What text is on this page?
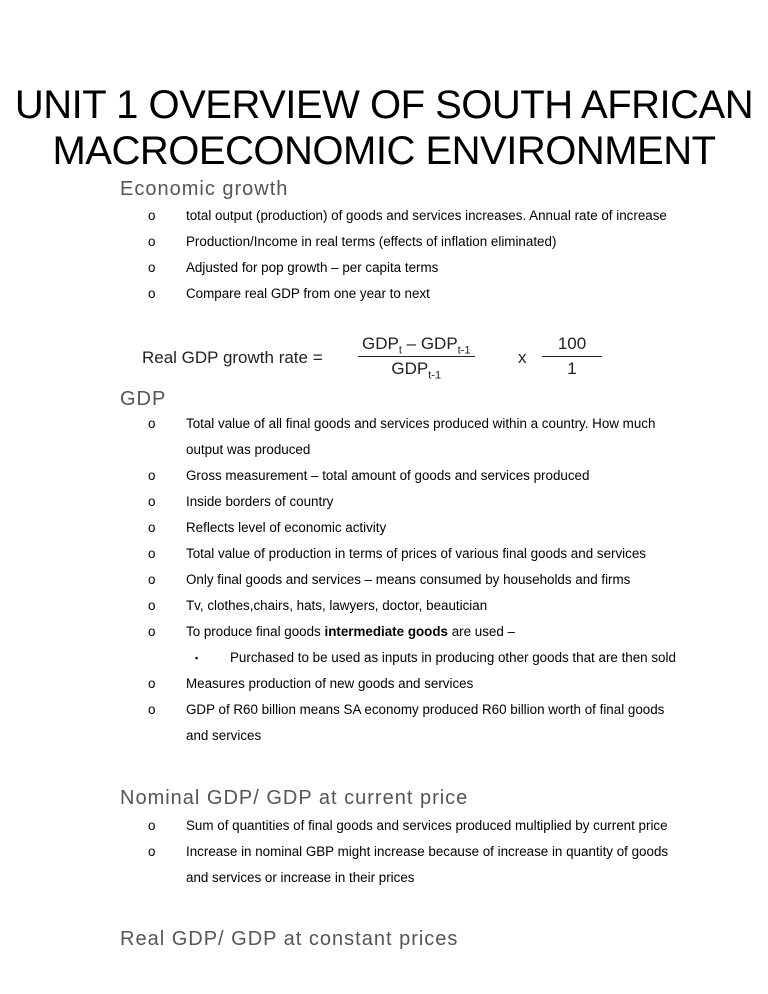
UNIT 1 OVERVIEW OF SOUTH AFRICAN
MACROECONOMIC ENVIRONMENT
Economic growth
o total output (production) of goods and services increases. Annual rate of increase
o Production/Income in real terms (effects of inflation eliminated)
o Adjusted for pop growth – per capita terms
o Compare real GDP from one year to next
Real GDP growth rate =
$GDP_t - GDP_{t-1}$
$GDP_{t-1}$
x $\frac{100}{1}$
GDP
o Total value of all final goods and services produced within a country. How much output was produced
o Gross measurement – total amount of goods and services produced
o Inside borders of country
o Reflects level of economic activity
o Total value of production in terms of prices of various final goods and services
o Only final goods and services – means consumed by households and firms
o Tv, clothes,chairs, hats, lawyers, doctor, beautician
o To produce final goods intermediate goods are used –
▪ Purchased to be used as inputs in producing other goods that are then sold
o Measures production of new goods and services
o GDP of R60 billion means SA economy produced R60 billion worth of final goods and services
Nominal GDP/ GDP at current price
o Sum of quantities of final goods and services produced multiplied by current price
o Increase in nominal GBP might increase because of increase in quantity of goods and services or increase in their prices
Real GDP/ GDP at constant prices
